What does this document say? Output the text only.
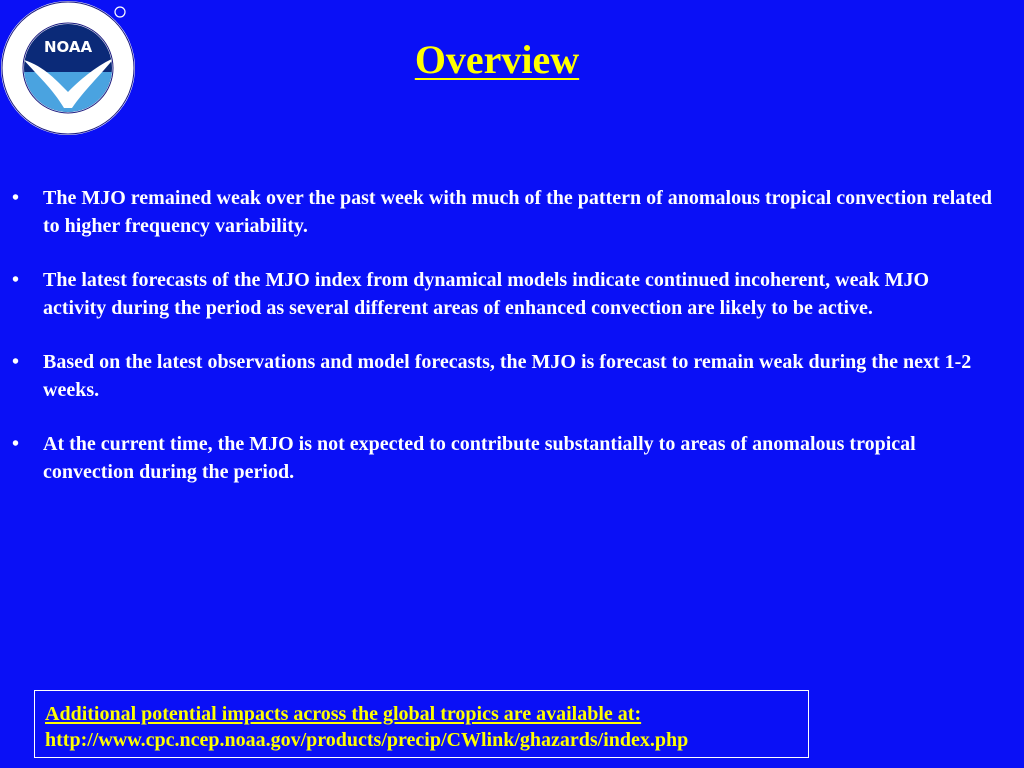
NOAA	Overview
•	The MJO remained weak over the past week with much of the pattern of anomalous tropical convection related to higher frequency variability.
•	The latest forecasts of the MJO index from dynamical models indicate continued incoherent, weak MJO activity during the period as several different areas of enhanced convection are likely to be active.
•	Based on the latest observations and model forecasts, the MJO is forecast to remain weak during the next 1-2 weeks.
•	At the current time, the MJO is not expected to contribute substantially to areas of anomalous tropical convection during the period.
Additional potential impacts across the global tropics are available at:
http://www.cpc.ncep.noaa.gov/products/precip/CWlink/ghazards/index.php
